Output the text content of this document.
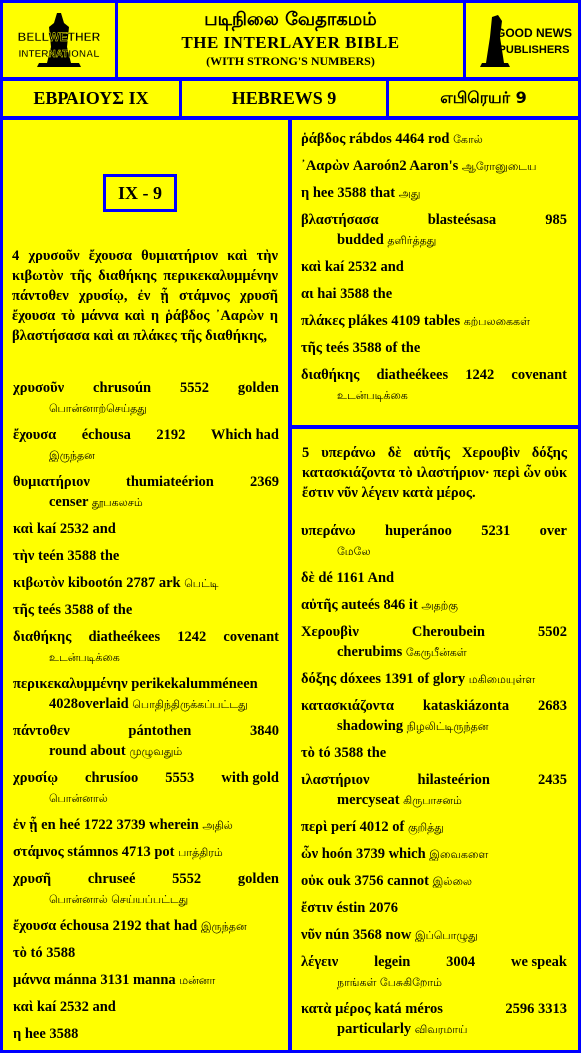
BELLWETHER
INTERNATIONAL
படிநிலை வேதாகமம்
THE INTERLAYER BIBLE
(WITH STRONG'S NUMBERS)
GOOD NEWS
PUBLISHERS
ΕΒΡΑΙΟΥΣ IX	HEBREWS 9	எபிரெயர் 9
IX - 9
4 χρυσοῦν ἔχουσα θυμιατήριον καὶ τὴν κιβωτὸν τῆς διαθήκης περικεκαλυμμένην πάντοθεν χρυσίῳ, ἐν ᾗ στάμνος χρυσῆ ἔχουσα τὸ μάννα καὶ η ῥάβδος ᾿Ααρὼν η βλαστήσασα καὶ αι πλάκες τῆς διαθήκης,
χρυσοῦν chrusoún 5552 golden
பொன்னாற்செய்தது
ἔχουσα échousa 2192 Which had
இருந்தன
θυμιατήριον thumiateérion 2369
censer தூபகலசம்
καὶ kaí 2532 and
τὴν teén 3588 the
κιβωτὸν kibootón 2787 ark பெட்டி
τῆς teés 3588 of the
διαθήκης diatheékees 1242 covenant
உடன்படிக்கை
περικεκαλυμμένην perikekalumméneen
4028overlaid பொதிந்திருக்கப்பட்டது
πάντοθεν	pántothen	3840
round about முழுவதும்
χρυσίῳ chrusíoo 5553 with gold
பொன்னால்
ἐν ᾗ en heé 1722 3739 wherein அதில்
στάμνος stámnos 4713 pot பாத்திரம்
χρυσῆ	chruseé	5552	golden
பொன்னால் செய்யப்பட்டது
ἔχουσα échousa 2192 that had இருந்தன
τὸ tó 3588
μάννα mánna 3131 manna மன்னா
καὶ kaí 2532 and
η hee 3588
ῥάβδος rábdos 4464 rod கோல்
᾿Ααρὼν Aaroón2 Aaron's ஆரோனுடைய
η hee 3588 that அது
βλαστήσασα	blasteésasa	985
budded தளிர்த்தது
καὶ kaí 2532 and
αι hai 3588 the
πλάκες plákes 4109 tables கற்பலகைகள்
τῆς teés 3588 of the
διαθήκης diatheékees 1242 covenant
உடன்படிக்கை
5 υπεράνω δὲ αὐτῆς Χερουβὶν δόξης κατασκιάζοντα τὸ ιλαστήριον· περὶ ὧν οὐκ ἔστιν νῦν λέγειν κατὰ μέρος.
υπεράνω huperánoo 5231 over
மேலே
δὲ dé 1161 And
αὐτῆς auteés 846 it அதற்கு
Χερουβὶν	Cheroubein	5502
cherubims கேருபீன்கள்
δόξης dóxees 1391 of glory மகிமையுள்ள
κατασκιάζοντα kataskiázonta 2683
shadowing நிழலிட்டிருந்தன
τὸ tó 3588 the
ιλαστήριον	hilasteérion	2435
mercyseat கிருபாசனம்
περὶ perí 4012 of குறித்து
ὧν hoón 3739 which இவைகளை
οὐκ ouk 3756 cannot இல்லை
ἔστιν éstin 2076
νῦν nún 3568 now இப்பொழுது
λέγειν legein 3004 we speak
நாங்கள் பேசுகிறோம்
κατὰ μέρος katá méros	2596 3313
particularly விவரமாய்
